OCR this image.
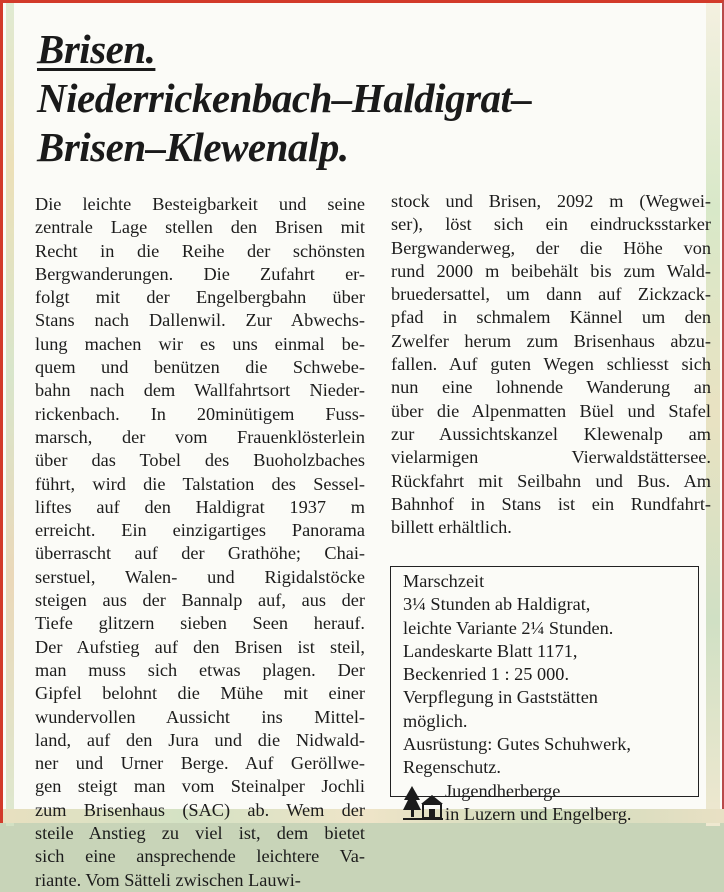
Brisen.
Niederrickenbach–Haldigrat–
Brisen–Klewenalp.
Die leichte Besteigbarkeit und seine
zentrale Lage stellen den Brisen mit
Recht in die Reihe der schönsten
Bergwanderungen. Die Zufahrt er-
folgt mit der Engelbergbahn über
Stans nach Dallenwil. Zur Abwechs-
lung machen wir es uns einmal be-
quem und benützen die Schwebe-
bahn nach dem Wallfahrtsort Nieder-
rickenbach. In 20minütigem Fuss-
marsch, der vom Frauenklösterlein
über das Tobel des Buoholzbaches
führt, wird die Talstation des Sessel-
liftes auf den Haldigrat 1937 m
erreicht. Ein einzigartiges Panorama
überrascht auf der Grathöhe; Chai-
serstuel, Walen- und Rigidalstöcke
steigen aus der Bannalp auf, aus der
Tiefe glitzern sieben Seen herauf.
Der Aufstieg auf den Brisen ist steil,
man muss sich etwas plagen. Der
Gipfel belohnt die Mühe mit einer
wundervollen Aussicht ins Mittel-
land, auf den Jura und die Nidwald-
ner und Urner Berge. Auf Geröllwe-
gen steigt man vom Steinalper Jochli
zum Brisenhaus (SAC) ab. Wem der
steile Anstieg zu viel ist, dem bietet
sich eine ansprechende leichtere Va-
riante. Vom Sätteli zwischen Lauwi-
stock und Brisen, 2092 m (Wegwei-
ser), löst sich ein eindrucksstarker
Bergwanderweg, der die Höhe von
rund 2000 m beibehält bis zum Wald-
bruedersattel, um dann auf Zickzack-
pfad in schmalem Kännel um den
Zwelfer herum zum Brisenhaus abzu-
fallen. Auf guten Wegen schliesst sich
nun eine lohnende Wanderung an
über die Alpenmatten Büel und Stafel
zur Aussichtskanzel Klewenalp am
vielarmigen Vierwaldstättersee.
Rückfahrt mit Seilbahn und Bus. Am
Bahnhof in Stans ist ein Rundfahrt-
billett erhältlich.
Marschzeit
3¼ Stunden ab Haldigrat,
leichte Variante 2¼ Stunden.
Landeskarte Blatt 1171,
Beckenried 1 : 25 000.
Verpflegung in Gaststätten
möglich.
Ausrüstung: Gutes Schuhwerk,
Regenschutz.
Jugendherberge
in Luzern und Engelberg.
